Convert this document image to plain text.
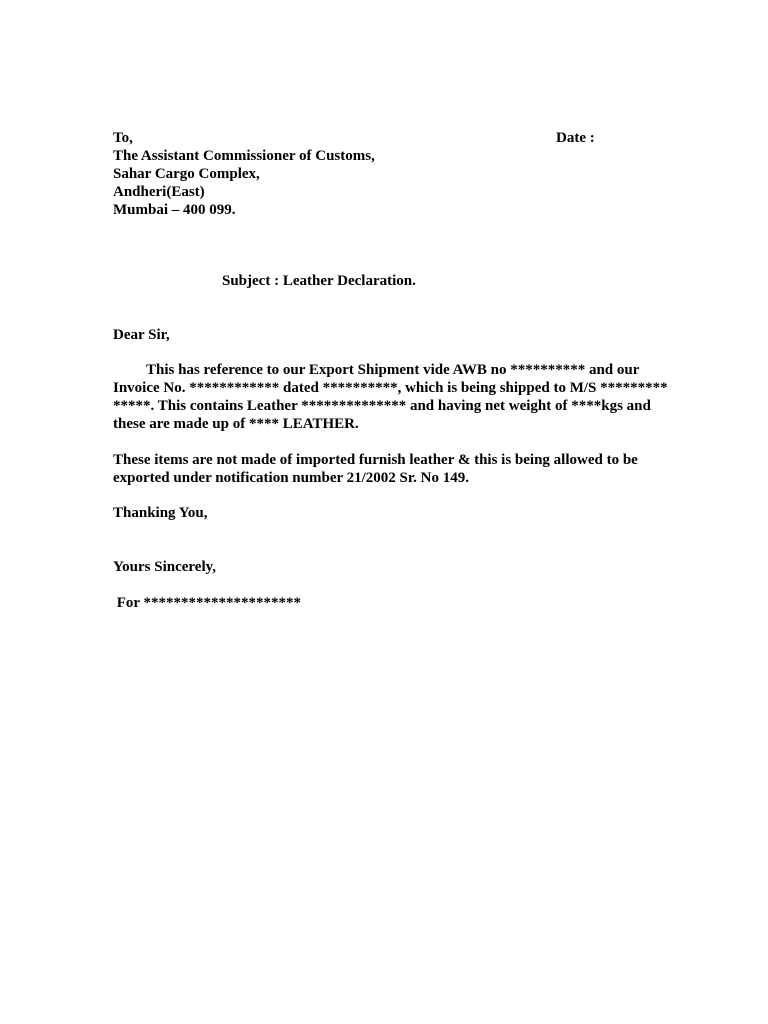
To,	Date :

The Assistant Commissioner of Customs,

Sahar Cargo Complex,

Andheri(East)

Mumbai – 400 099.

Subject : Leather Declaration.

Dear Sir,

This has reference to our Export Shipment vide AWB no ********** and our Invoice No. ************ dated **********, which is being shipped to M/S ********* *****. This contains Leather ************** and having net weight of ****kgs and these are made up of **** LEATHER.

These items are not made of imported furnish leather & this is being allowed to be exported under notification number 21/2002 Sr. No 149.

Thanking You,

Yours Sincerely,

For *********************
